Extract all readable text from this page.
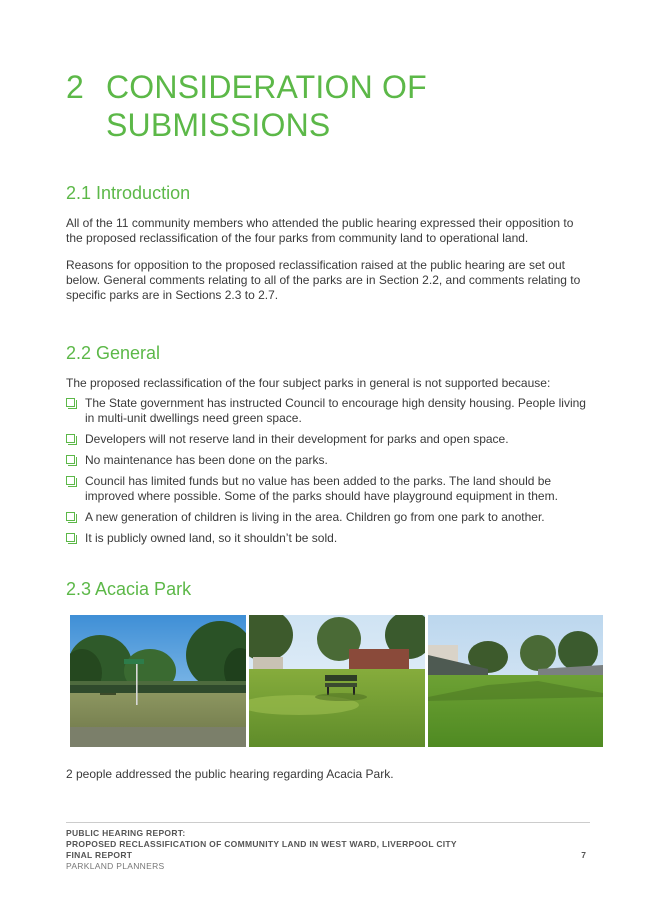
2 CONSIDERATION OF
SUBMISSIONS
2.1 Introduction

All of the 11 community members who attended the public hearing expressed their opposition to the proposed reclassification of the four parks from community land to operational land.

Reasons for opposition to the proposed reclassification raised at the public hearing are set out below. General comments relating to all of the parks are in Section 2.2, and comments relating to specific parks are in Sections 2.3 to 2.7.

2.2 General

The proposed reclassification of the four subject parks in general is not supported because:

The State government has instructed Council to encourage high density housing. People living in multi-unit dwellings need green space.
Developers will not reserve land in their development for parks and open space.
No maintenance has been done on the parks.
Council has limited funds but no value has been added to the parks. The land should be improved where possible. Some of the parks should have playground equipment in them.
A new generation of children is living in the area. Children go from one park to another.
It is publicly owned land, so it shouldn’t be sold.
2.3 Acacia Park

2 people addressed the public hearing regarding Acacia Park.

PUBLIC HEARING REPORT:
PROPOSED RECLASSIFICATION OF COMMUNITY LAND IN WEST WARD, LIVERPOOL CITY
FINAL REPORT
PARKLAND PLANNERS
7
